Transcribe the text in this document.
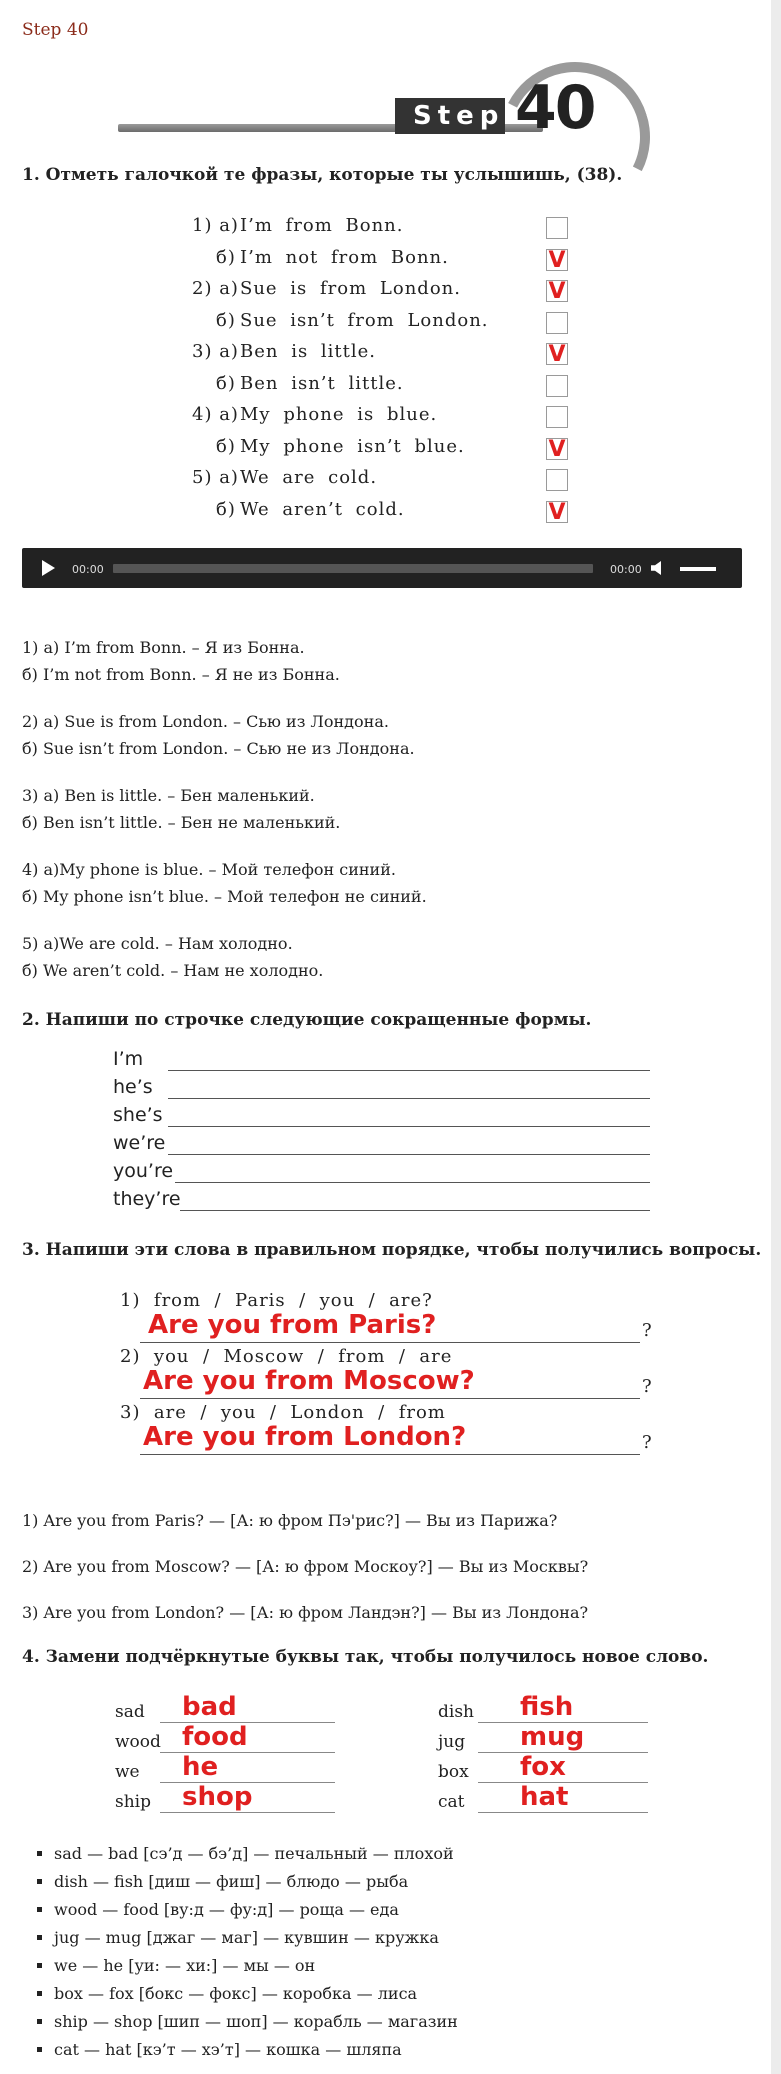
Step 40
Step 40
1. Отметь галочкой те фразы, которые ты услышишь, (38).
1) а) I’m from Bonn.
б) I’m not from Bonn.	V
2) а) Sue is from London.	V
б) Sue isn’t from London.
3) а) Ben is little.	V
б) Ben isn’t little.
4) а) My phone is blue.
б) My phone isn’t blue.	V
5) а) We are cold.
б) We aren’t cold.	V
00:00	00:00
1) а) I’m from Bonn. – Я из Бонна.
б) I’m not from Bonn. – Я не из Бонна.
2) а) Sue is from London. – Сью из Лондона.
б) Sue isn’t from London. – Сью не из Лондона.
3) а) Ben is little. – Бен маленький.
б) Ben isn’t little. – Бен не маленький.
4) а)My phone is blue. – Мой телефон синий.
б) My phone isn’t blue. – Мой телефон не синий.
5) а)We are cold. – Нам холодно.
б) We aren’t cold. – Нам не холодно.
2. Напиши по строчке следующие сокращенные формы.
I’m
he’s
she’s
we’re
you’re
they’re
3. Напиши эти слова в правильном порядке, чтобы получились вопросы.
1)  from  /  Paris  /  you  /  are?
Are you from Paris?	?
2)  you  /  Moscow  /  from  /  are
Are you from Moscow?	?
3)  are  /  you  /  London  /  from
Are you from London?	?
1) Are you from Paris? — [А: ю фром Пэ'рис?] — Вы из Парижа?
2) Are you from Moscow? — [А: ю фром Москоу?] — Вы из Москвы?
3) Are you from London? — [А: ю фром Ландэн?] — Вы из Лондона?
4. Замени подчёркнутые буквы так, чтобы получилось новое слово.
sad bad
wood food
we he
ship shop
dish fish
jug mug
box fox
cat hat
▪ sad — bad [сэ’д — бэ’д] — печальный — плохой
▪ dish — fish [диш — фиш] — блюдо — рыба
▪ wood — food [ву:д — фу:д] — роща — еда
▪ jug — mug [джаг — маг] — кувшин — кружка
▪ we — he [уи: — хи:] — мы — он
▪ box — fox [бокс — фокс] — коробка — лиса
▪ ship — shop [шип — шоп] — корабль — магазин
▪ cat — hat [кэ’т — хэ’т] — кошка — шляпа
